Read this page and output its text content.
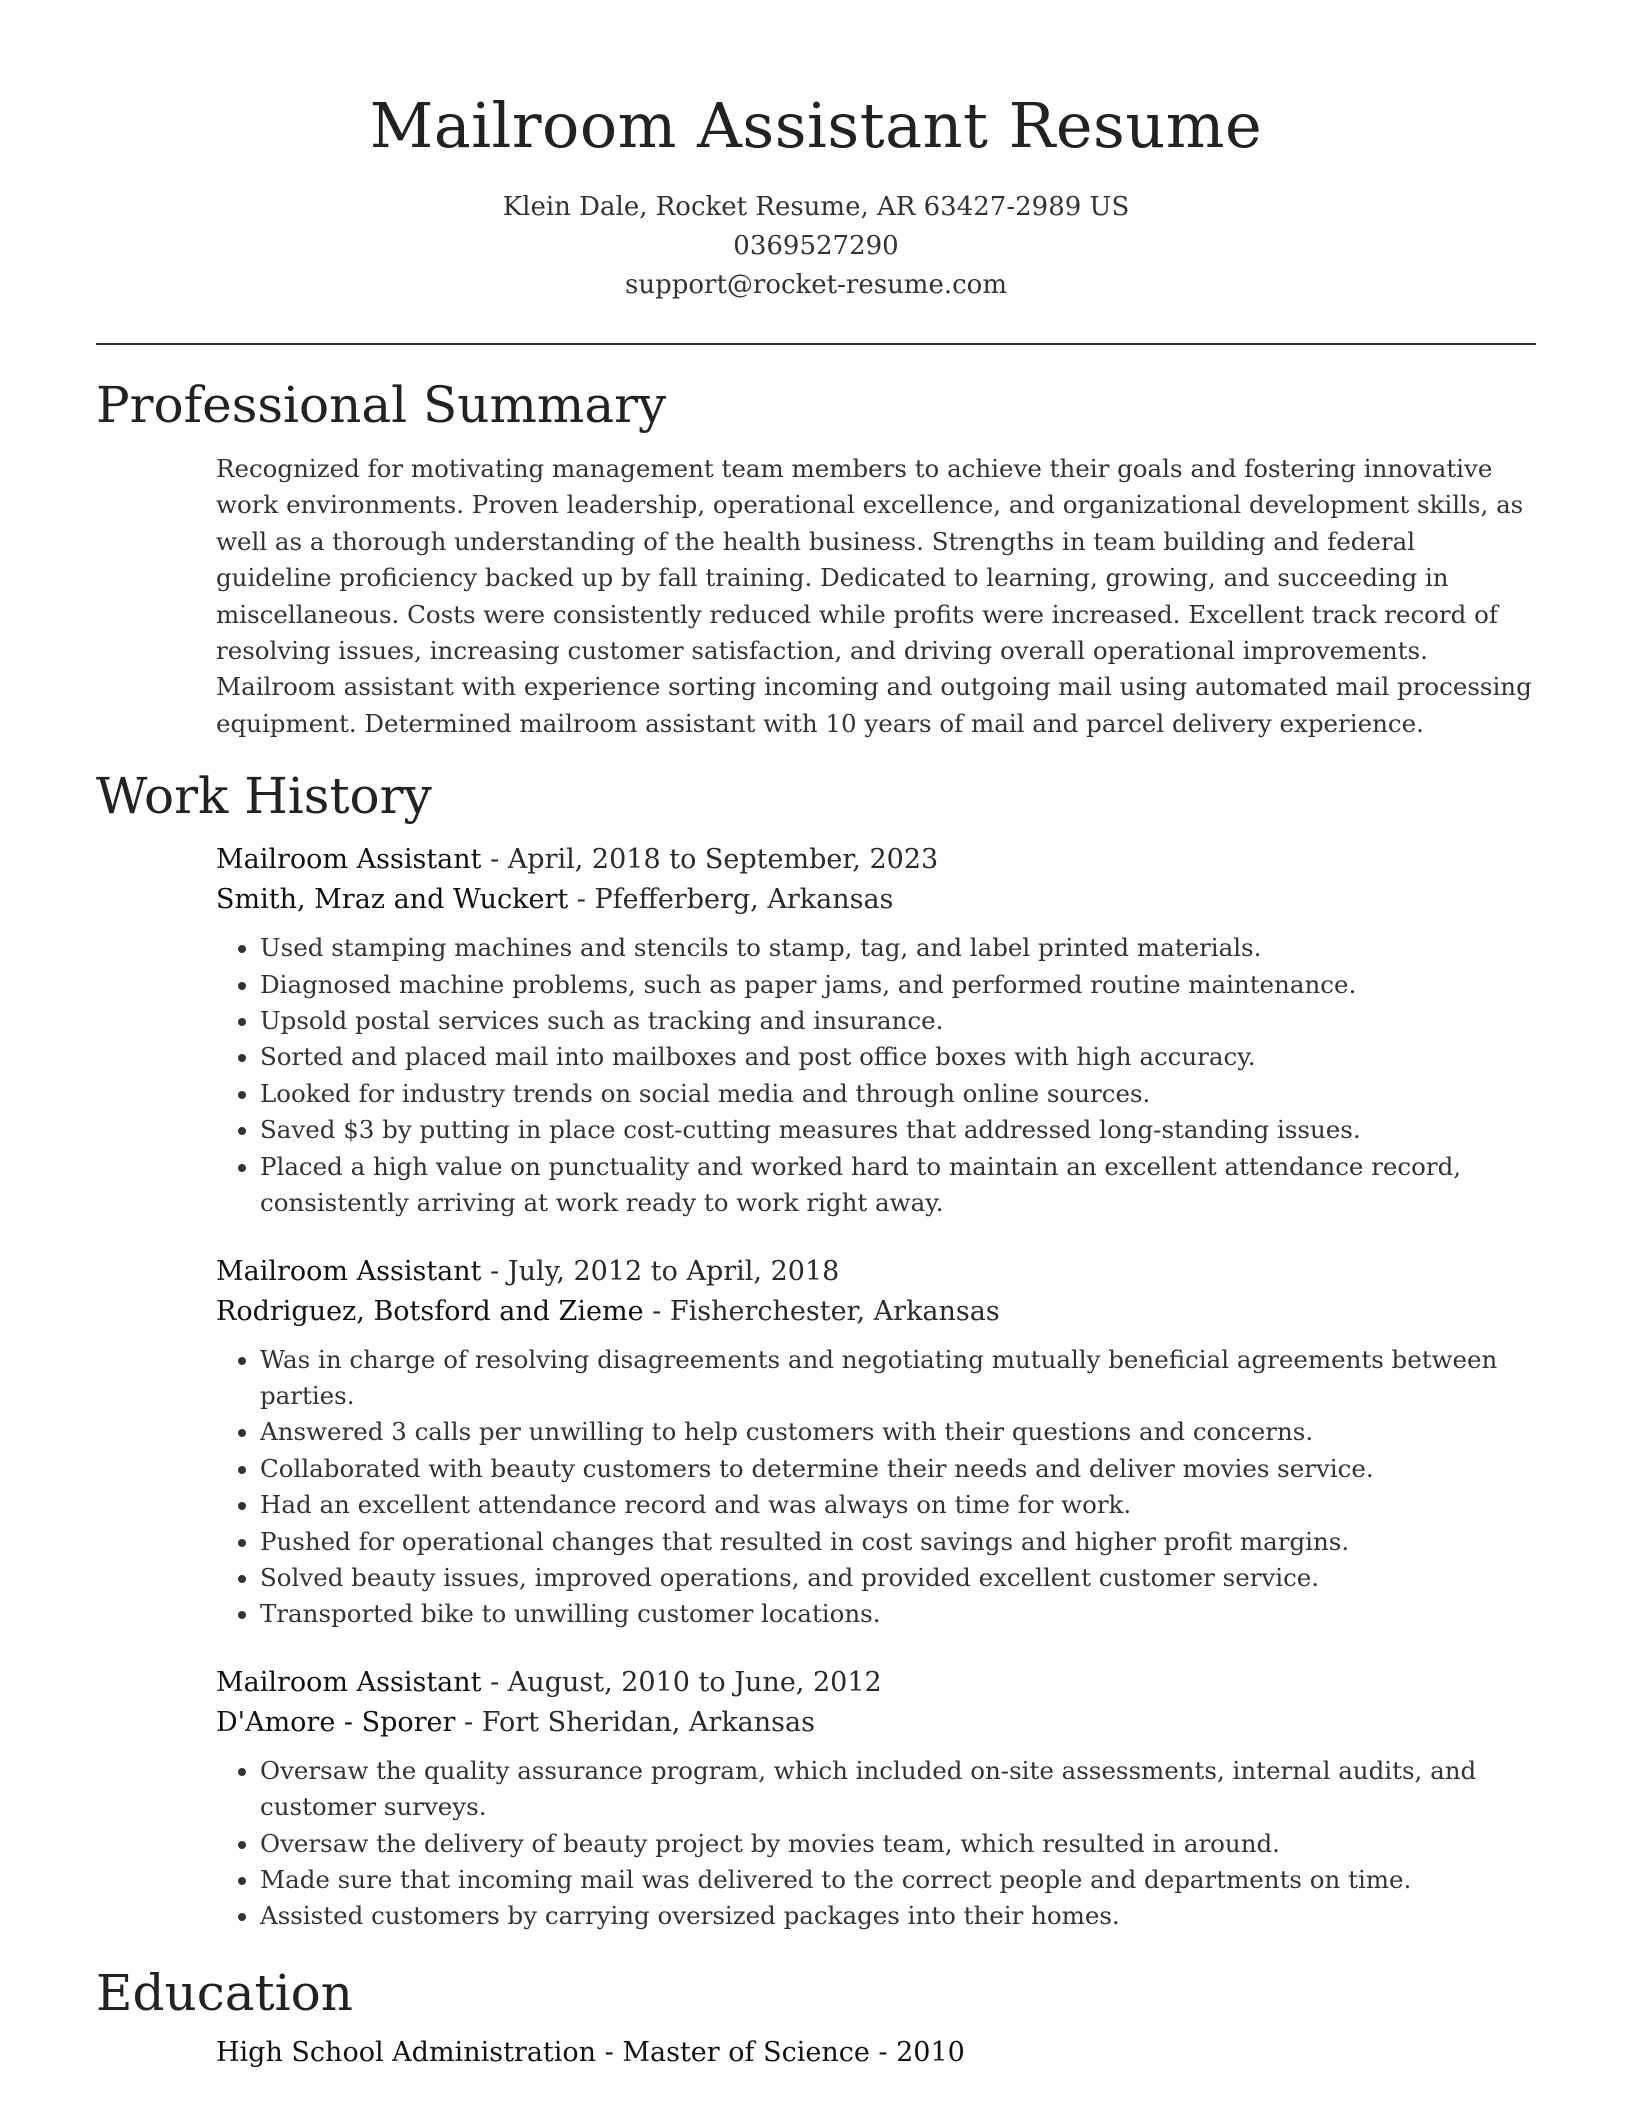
Mailroom Assistant Resume
Klein Dale, Rocket Resume, AR 63427-2989 US
0369527290
support@rocket-resume.com
Professional Summary

Recognized for motivating management team members to achieve their goals and fostering innovative work environments. Proven leadership, operational excellence, and organizational development skills, as well as a thorough understanding of the health business. Strengths in team building and federal guideline proficiency backed up by fall training. Dedicated to learning, growing, and succeeding in miscellaneous. Costs were consistently reduced while profits were increased. Excellent track record of resolving issues, increasing customer satisfaction, and driving overall operational improvements. Mailroom assistant with experience sorting incoming and outgoing mail using automated mail processing equipment. Determined mailroom assistant with 10 years of mail and parcel delivery experience.

Work History
Mailroom Assistant - April, 2018 to September, 2023
Smith, Mraz and Wuckert - Pfefferberg, Arkansas
• Used stamping machines and stencils to stamp, tag, and label printed materials.
• Diagnosed machine problems, such as paper jams, and performed routine maintenance.
• Upsold postal services such as tracking and insurance.
• Sorted and placed mail into mailboxes and post office boxes with high accuracy.
• Looked for industry trends on social media and through online sources.
• Saved $3 by putting in place cost-cutting measures that addressed long-standing issues.
• Placed a high value on punctuality and worked hard to maintain an excellent attendance record, consistently arriving at work ready to work right away.
Mailroom Assistant - July, 2012 to April, 2018
Rodriguez, Botsford and Zieme - Fisherchester, Arkansas
• Was in charge of resolving disagreements and negotiating mutually beneficial agreements between parties.
• Answered 3 calls per unwilling to help customers with their questions and concerns.
• Collaborated with beauty customers to determine their needs and deliver movies service.
• Had an excellent attendance record and was always on time for work.
• Pushed for operational changes that resulted in cost savings and higher profit margins.
• Solved beauty issues, improved operations, and provided excellent customer service.
• Transported bike to unwilling customer locations.
Mailroom Assistant - August, 2010 to June, 2012
D'Amore - Sporer - Fort Sheridan, Arkansas
• Oversaw the quality assurance program, which included on-site assessments, internal audits, and customer surveys.
• Oversaw the delivery of beauty project by movies team, which resulted in around.
• Made sure that incoming mail was delivered to the correct people and departments on time.
• Assisted customers by carrying oversized packages into their homes.
Education
High School Administration - Master of Science - 2010
